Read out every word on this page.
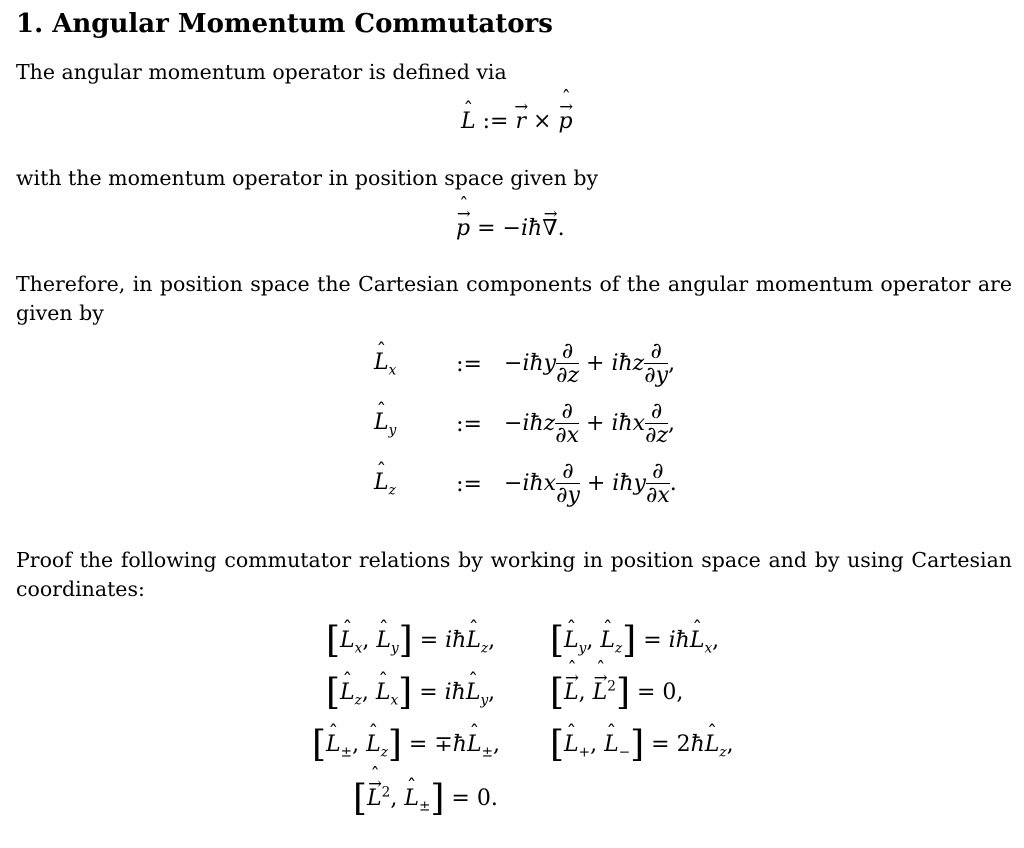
1. Angular Momentum Commutators
The angular momentum operator is defined via
ˆ L := → r × → p ˆ
with the momentum operator in position space given by
→ p ˆ = −iħ→ ∇.
Therefore, in position space the Cartesian components of the angular momentum operator are given by
ˆ $L_x$	:=	−iħy $\frac{\partial}{\partial z}$ + iħz $\frac{\partial}{\partial y}$ ,
ˆ $L_y$	:=	−iħz $\frac{\partial}{\partial x}$ + iħx $\frac{\partial}{\partial z}$ ,
ˆ $L_z$	:=	−iħx $\frac{\partial}{\partial y}$ + iħy $\frac{\partial}{\partial x}$ .
Proof the following commutator relations by working in position space and by using Cartesian coordinates:
[ˆ $L_x$, ˆ $L_y$] = iħˆ $L_z$, [ˆ $L_y$, ˆ $L_z$] = iħˆ $L_x$,
[ˆ $L_z$, ˆ $L_x$] = iħˆ $L_y$, [→ L ˆ, → L ˆ$^2$] = 0,
[ˆ $L_\pm$, ˆ $L_z$] = ∓ħˆ $L_\pm$, [ˆ $L_+$, ˆ $L_-$] = 2ħˆ $L_z$,
[→ L ˆ$^2$, ˆ $L_\pm] = 0$.
